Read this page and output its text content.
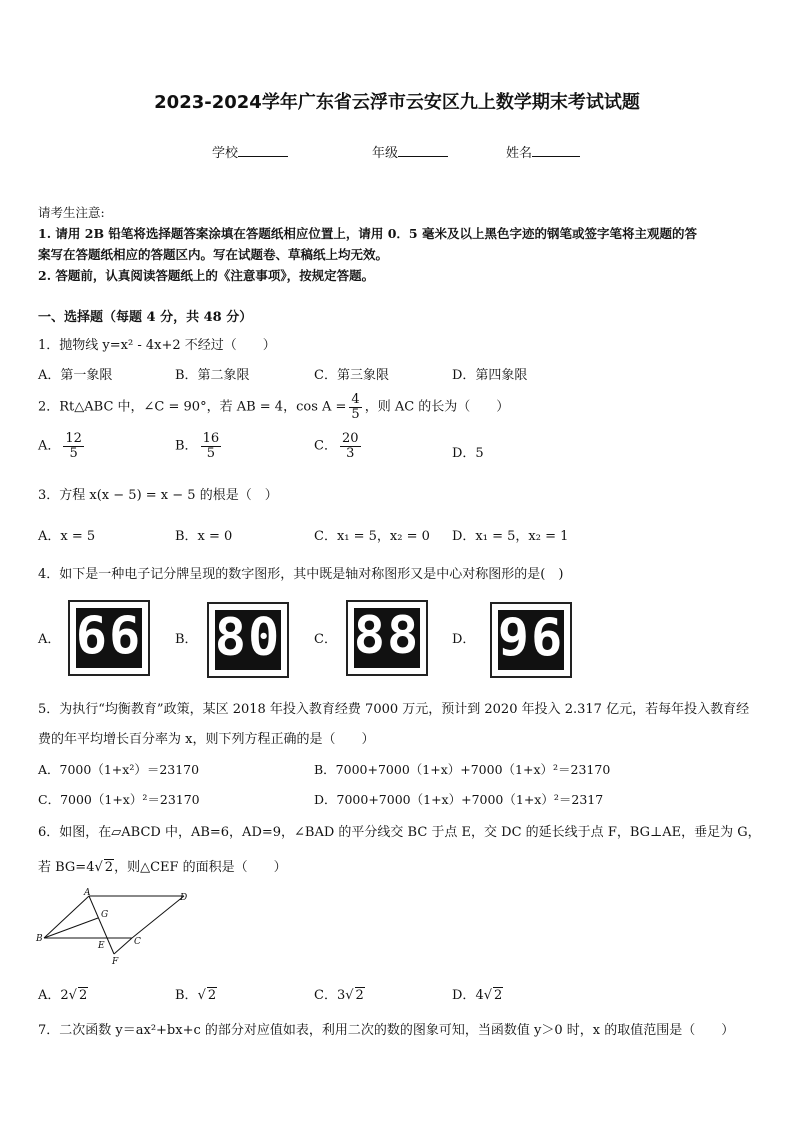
2023-2024学年广东省云浮市云安区九上数学期末考试试题
学校	年级	姓名
请考生注意:
1. 请用 2B 铅笔将选择题答案涂填在答题纸相应位置上，请用 0．5 毫米及以上黑色字迹的钢笔或签字笔将主观题的答
案写在答题纸相应的答题区内。写在试题卷、草稿纸上均无效。
2. 答题前，认真阅读答题纸上的《注意事项》，按规定答题。
一、选择题（每题 4 分，共 48 分）
1．抛物线 y=x² - 4x+2 不经过（　　）
A．第一象限	B．第二象限	C．第三象限	D．第四象限
2．Rt△ABC 中，∠C = 90°，若 AB = 4，$\cos A = \frac{4}{5}$ ，则 AC 的长为（　　）
A． $\frac{12}{5}$	B． $\frac{16}{5}$	C． $\frac{20}{3}$	D．5
3．方程 x(x − 5) = x − 5 的根是（　）
A．x = 5	B．x = 0	C．x₁ = 5，x₂ = 0 D．x₁ = 5，x₂ = 1
4．如下是一种电子记分牌呈现的数字图形，其中既是轴对称图形又是中心对称图形的是(　)
A． 66	B． 80	C． 88	D． 96
5．为执行“均衡教育”政策，某区 2018 年投入教育经费 7000 万元，预计到 2020 年投入 2.317 亿元，若每年投入教育经
费的年平均增长百分率为 x，则下列方程正确的是（　　）
A．7000（1+x²）＝23170	B．7000+7000（1+x）+7000（1+x）²＝23170
C．7000（1+x）²＝23170	D．7000+7000（1+x）+7000（1+x）²＝2317
6．如图，在▱ABCD 中，AB=6，AD=9，∠BAD 的平分线交 BC 于点 E，交 DC 的延长线于点 F，BG⊥AE，垂足为 G，
若 BG=4√ 2，则△CEF 的面积是（　　）
A	D
G
B
E	C
F
A．2√ 2	B．√ 2	C．3√ 2	D．4√ 2
7．二次函数 y＝ax²+bx+c 的部分对应值如表，利用二次的数的图象可知，当函数值 y＞0 时，x 的取值范围是（　　）
